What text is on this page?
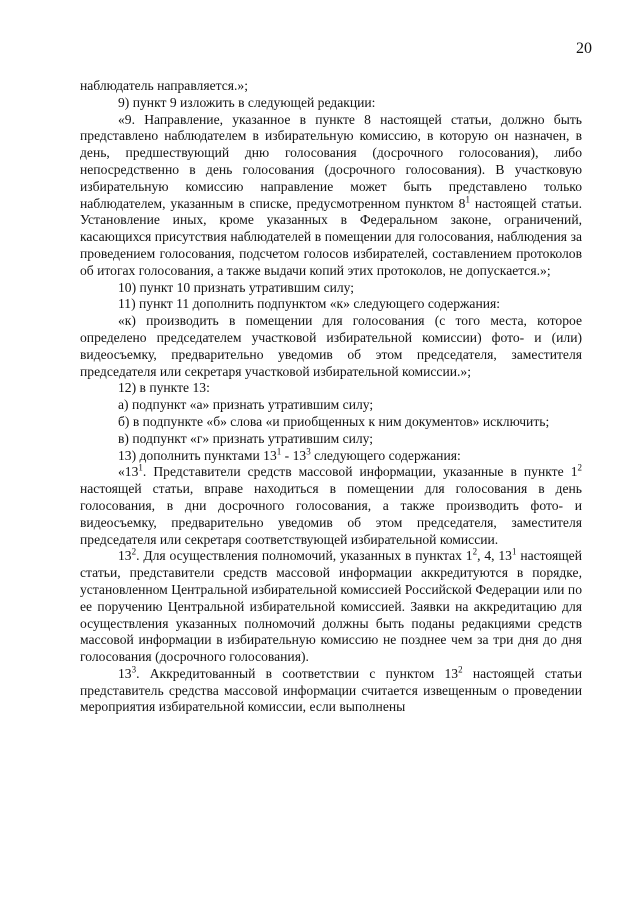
20

наблюдатель направляется.»;

9) пункт 9 изложить в следующей редакции:

«9. Направление, указанное в пункте 8 настоящей статьи, должно быть представлено наблюдателем в избирательную комиссию, в которую он назначен, в день, предшествующий дню голосования (досрочного голосования), либо непосредственно в день голосования (досрочного голосования). В участковую избирательную комиссию направление может быть представлено только наблюдателем, указанным в списке, предусмотренном пунктом $8^1$ настоящей статьи. Установление иных, кроме указанных в Федеральном законе, ограничений, касающихся присутствия наблюдателей в помещении для голосования, наблюдения за проведением голосования, подсчетом голосов избирателей, составлением протоколов об итогах голосования, а также выдачи копий этих протоколов, не допускается.»;

10) пункт 10 признать утратившим силу;

11) пункт 11 дополнить подпунктом «к» следующего содержания:

«к) производить в помещении для голосования (с того места, которое определено председателем участковой избирательной комиссии) фото- и (или) видеосъемку, предварительно уведомив об этом председателя, заместителя председателя или секретаря участковой избирательной комиссии.»;

12) в пункте 13:

а) подпункт «а» признать утратившим силу;

б) в подпункте «б» слова «и приобщенных к ним документов» исключить;

в) подпункт «г» признать утратившим силу;

13) дополнить пунктами $13^1 - 13^3$ следующего содержания:

«$13^1$. Представители средств массовой информации, указанные в пункте $1^2$ настоящей статьи, вправе находиться в помещении для голосования в день голосования, в дни досрочного голосования, а также производить фото- и видеосъемку, предварительно уведомив об этом председателя, заместителя председателя или секретаря соответствующей избирательной комиссии.

$13^2$. Для осуществления полномочий, указанных в пунктах $1^2$, 4, $13^1$ настоящей статьи, представители средств массовой информации аккредитуются в порядке, установленном Центральной избирательной комиссией Российской Федерации или по ее поручению Центральной избирательной комиссией. Заявки на аккредитацию для осуществления указанных полномочий должны быть поданы редакциями средств массовой информации в избирательную комиссию не позднее чем за три дня до дня голосования (досрочного голосования).

$13^3$. Аккредитованный в соответствии с пунктом $13^2$ настоящей статьи представитель средства массовой информации считается извещенным о проведении мероприятия избирательной комиссии, если выполнены
